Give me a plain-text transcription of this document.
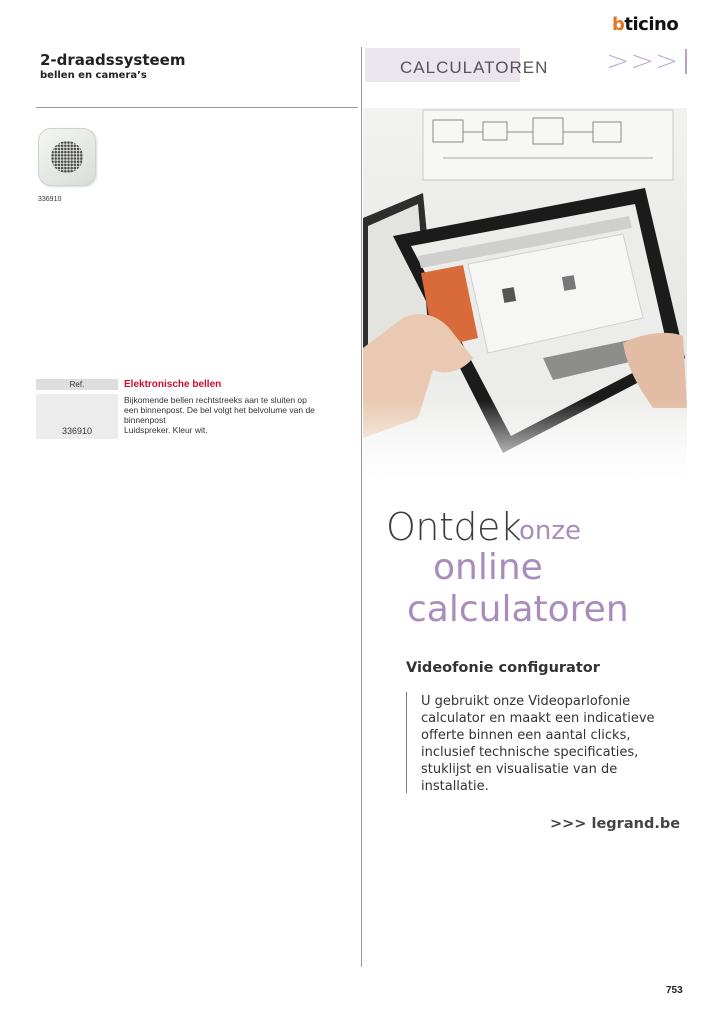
bticino
2-draadssysteem
bellen en camera’s
336910
Ref.	Elektronische bellen
336910
Bijkomende bellen rechtstreeks aan te sluiten op
een binnenpost. De bel volgt het belvolume van de
binnenpost
Luidspreker. Kleur wit.
CALCULATOREN >>>
Ontdek
onze
online
calculatoren
Videofonie configurator
U gebruikt onze Videoparlofonie
calculator en maakt een indicatieve
offerte binnen een aantal clicks,
inclusief technische specificaties,
stuklijst en visualisatie van de
installatie.
>>> legrand.be
753
